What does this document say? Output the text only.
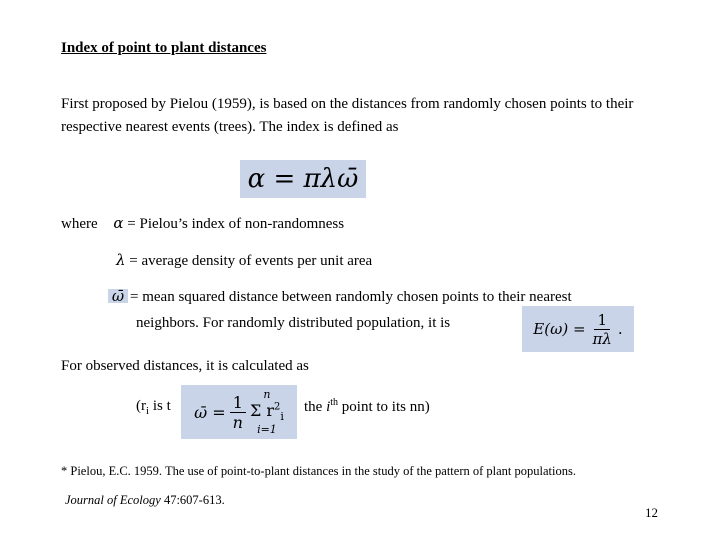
Index of point to plant distances
First proposed by Pielou (1959), is based on the distances from randomly chosen points to their respective nearest events (trees). The index is defined as
α = πλω̄
where α = Pielou’s index of non-randomness
λ = average density of events per unit area
ω̄ = mean squared distance between randomly chosen points to their nearest
neighbors. For randomly distributed population, it is	$E(\omega) = \frac{1}{\pi\lambda}$ .
For observed distances, it is calculated as
($r_i$ is t ω̄ = $\frac{1}{n}$ n
Σ $r^2_i$
i=1
the $i^{th}$ point to its nn)
* Pielou, E.C. 1959. The use of point-to-plant distances in the study of the pattern of plant populations.
Journal of Ecology 47:607-613.
12
